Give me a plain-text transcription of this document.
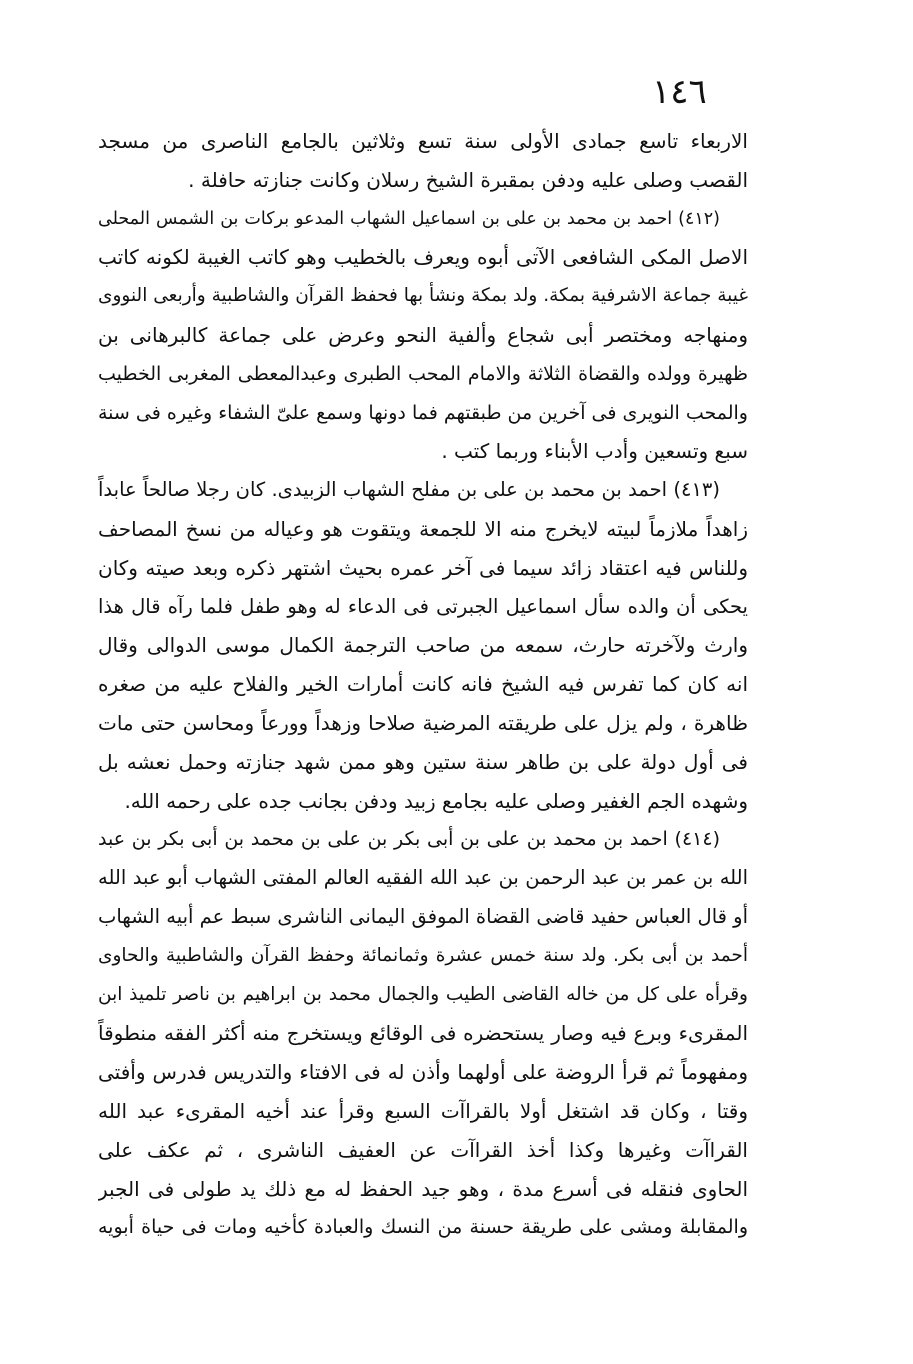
١٤٦
الاربعاء تاسع جمادى الأولى سنة تسع وثلاثين بالجامع الناصرى من مسجد
القصب وصلى عليه ودفن بمقبرة الشيخ رسلان وكانت جنازته حافلة .
(٤١٢) احمد بن محمد بن على بن اسماعيل الشهاب المدعو بركات بن الشمس المحلى
الاصل المكى الشافعى الآتى أبوه ويعرف بالخطيب وهو كاتب الغيبة لكونه كاتب
غيبة جماعة الاشرفية بمكة. ولد بمكة ونشأ بها فحفظ القرآن والشاطبية وأربعى النووى
ومنهاجه ومختصر أبى شجاع وألفية النحو وعرض على جماعة كالبرهانى بن
ظهيرة وولده والقضاة الثلاثة والامام المحب الطبرى وعبدالمعطى المغربى الخطيب
والمحب النويرى فى آخرين من طبقتهم فما دونها وسمع علىّ الشفاء وغيره فى سنة
سبع وتسعين وأدب الأبناء وربما كتب .
(٤١٣) احمد بن محمد بن على بن مفلح الشهاب الزبيدى. كان رجلا صالحاً عابداً
زاهداً ملازماً لبيته لايخرج منه الا للجمعة ويتقوت هو وعياله من نسخ المصاحف
وللناس فيه اعتقاد زائد سيما فى آخر عمره بحيث اشتهر ذكره وبعد صيته وكان
يحكى أن والده سأل اسماعيل الجبرتى فى الدعاء له وهو طفل فلما رآه قال هذا
وارث ولآخرته حارث، سمعه من صاحب الترجمة الكمال موسى الدوالى وقال
انه كان كما تفرس فيه الشيخ فانه كانت أمارات الخير والفلاح عليه من صغره
ظاهرة ، ولم يزل على طريقته المرضية صلاحا وزهداً وورعاً ومحاسن حتى مات
فى أول دولة على بن طاهر سنة ستين وهو ممن شهد جنازته وحمل نعشه بل
وشهده الجم الغفير وصلى عليه بجامع زبيد ودفن بجانب جده على رحمه الله.
(٤١٤) احمد بن محمد بن على بن أبى بكر بن على بن محمد بن أبى بكر بن عبد
الله بن عمر بن عبد الرحمن بن عبد الله الفقيه العالم المفتى الشهاب أبو عبد الله
أو قال العباس حفيد قاضى القضاة الموفق اليمانى الناشرى سبط عم أبيه الشهاب
أحمد بن أبى بكر. ولد سنة خمس عشرة وثمانمائة وحفظ القرآن والشاطبية والحاوى
وقرأه على كل من خاله القاضى الطيب والجمال محمد بن ابراهيم بن ناصر تلميذ ابن
المقرىء وبرع فيه وصار يستحضره فى الوقائع ويستخرج منه أكثر الفقه منطوقاً
ومفهوماً ثم قرأ الروضة على أولهما وأذن له فى الافتاء والتدريس فدرس وأفتى
وقتا ، وكان قد اشتغل أولا بالقراآت السبع وقرأ عند أخيه المقرىء عبد الله
القراآت وغيرها وكذا أخذ القراآت عن العفيف الناشرى ، ثم عكف على
الحاوى فنقله فى أسرع مدة ، وهو جيد الحفظ له مع ذلك يد طولى فى الجبر
والمقابلة ومشى على طريقة حسنة من النسك والعبادة كأخيه ومات فى حياة أبويه
